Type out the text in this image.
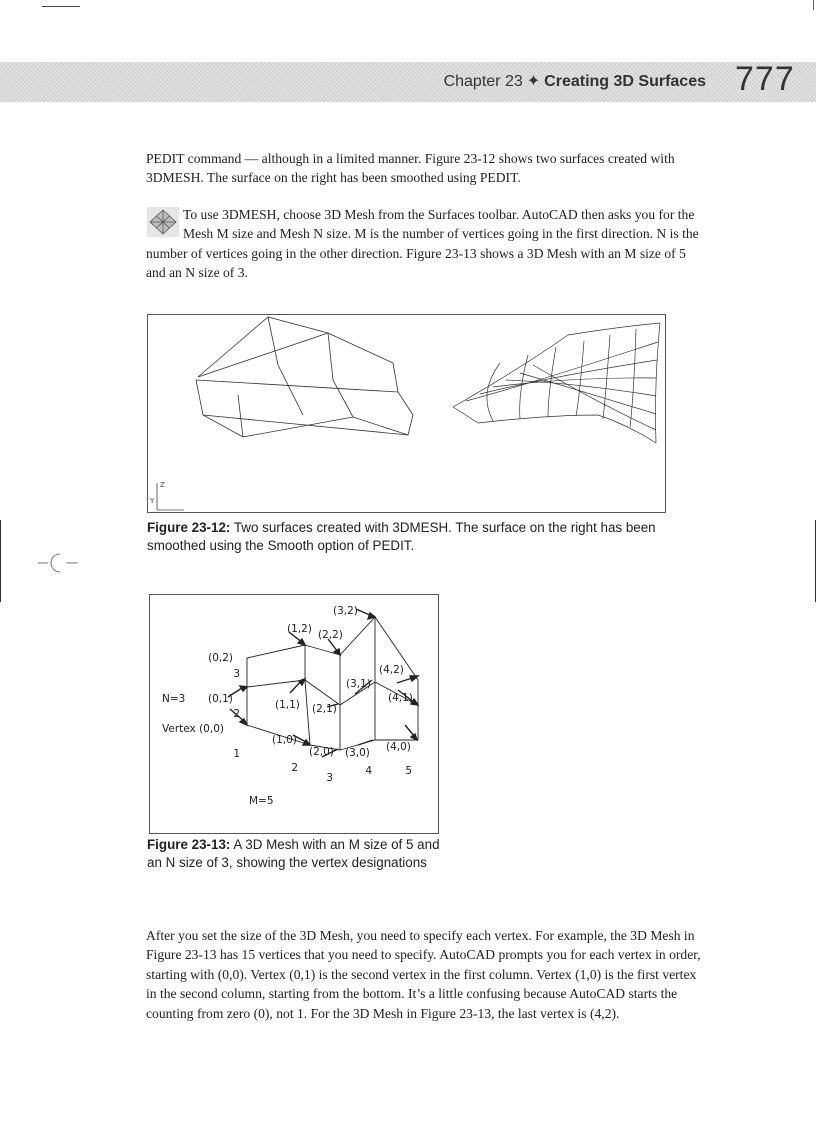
Chapter 23 ✦ Creating 3D Surfaces 777
PEDIT command — although in a limited manner. Figure 23-12 shows two surfaces created with 3DMESH. The surface on the right has been smoothed using PEDIT.
To use 3DMESH, choose 3D Mesh from the Surfaces toolbar. AutoCAD then asks you for the Mesh M size and Mesh N size. M is the number of vertices going in the first direction. N is the number of vertices going in the other direction. Figure 23-13 shows a 3D Mesh with an M size of 5 and an N size of 3.
Z
Y
Figure 23-12: Two surfaces created with 3DMESH. The surface on the right has been smoothed using the Smooth option of PEDIT.
(0,2)
3
N=3 (0,1)
2
Vertex (0,0)
1
(1,2)
(1,1)
(1,0)
(2,2)
(2,1)
(2,0)
(3,2)
(3,1)
(3,0)
(4,2)
(4,1)
(4,0)
2
3
4	5
M=5
Figure 23-13: A 3D Mesh with an M size of 5 and an N size of 3, showing the vertex designations
After you set the size of the 3D Mesh, you need to specify each vertex. For example, the 3D Mesh in Figure 23-13 has 15 vertices that you need to specify. AutoCAD prompts you for each vertex in order, starting with (0,0). Vertex (0,1) is the second vertex in the first column. Vertex (1,0) is the first vertex in the second column, starting from the bottom. It’s a little confusing because AutoCAD starts the counting from zero (0), not 1. For the 3D Mesh in Figure 23-13, the last vertex is (4,2).
